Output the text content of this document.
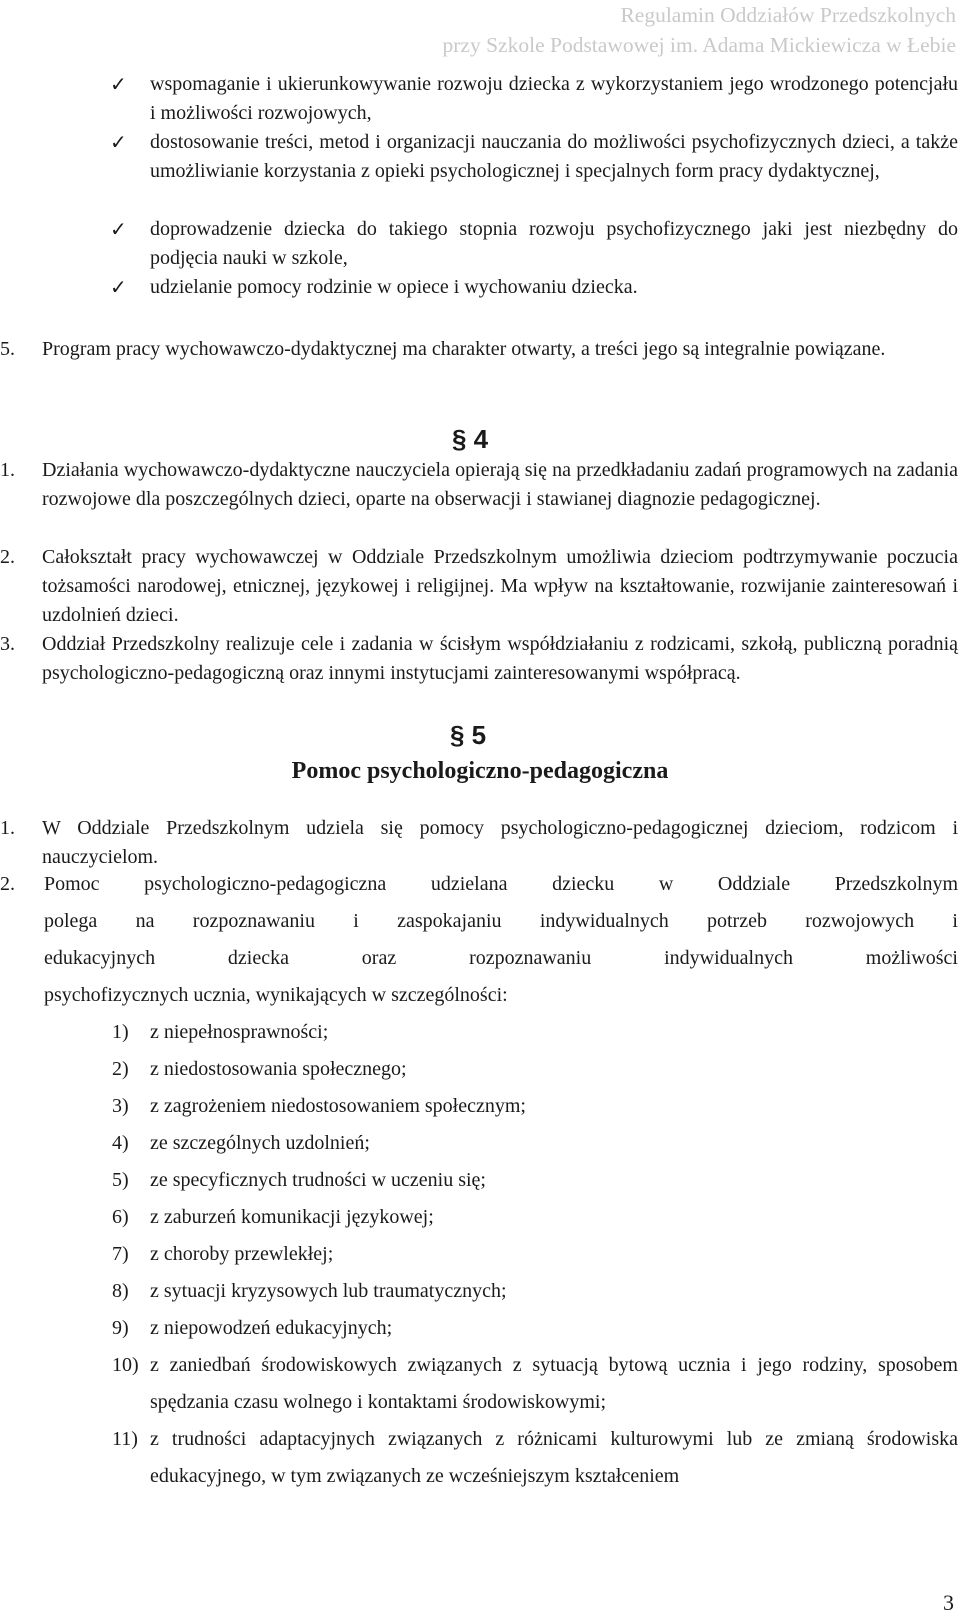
Regulamin Oddziałów Przedszkolnych
przy Szkole Podstawowej im. Adama Mickiewicza w Łebie
✓ wspomaganie i ukierunkowywanie rozwoju dziecka z wykorzystaniem jego wrodzonego potencjału i możliwości rozwojowych,
✓ dostosowanie treści, metod i organizacji nauczania do możliwości psychofizycznych dzieci, a także umożliwianie korzystania z opieki psychologicznej i specjalnych form pracy dydaktycznej,
✓ doprowadzenie dziecka do takiego stopnia rozwoju psychofizycznego jaki jest niezbędny do podjęcia nauki w szkole,
✓ udzielanie pomocy rodzinie w opiece i wychowaniu dziecka.
5.	Program pracy wychowawczo-dydaktycznej ma charakter otwarty, a treści jego są integralnie powiązane.
§ 4
1.	Działania wychowawczo-dydaktyczne nauczyciela opierają się na przedkładaniu zadań programowych na zadania rozwojowe dla poszczególnych dzieci, oparte na obserwacji i stawianej diagnozie pedagogicznej.
2.	Całokształt pracy wychowawczej w Oddziale Przedszkolnym umożliwia dzieciom podtrzymywanie poczucia tożsamości narodowej, etnicznej, językowej i religijnej. Ma wpływ na kształtowanie, rozwijanie zainteresowań i uzdolnień dzieci.
3.	Oddział Przedszkolny realizuje cele i zadania w ścisłym współdziałaniu z rodzicami, szkołą, publiczną poradnią psychologiczno-pedagogiczną oraz innymi instytucjami zainteresowanymi współpracą.
§ 5
Pomoc psychologiczno-pedagogiczna
1.	W Oddziale Przedszkolnym udziela się pomocy psychologiczno-pedagogicznej dzieciom, rodzicom i nauczycielom.
2.	Pomoc psychologiczno-pedagogiczna udzielana dziecku w Oddziale Przedszkolnym
polega na rozpoznawaniu i zaspokajaniu indywidualnych potrzeb rozwojowych i
edukacyjnych dziecka oraz rozpoznawaniu indywidualnych możliwości
psychofizycznych ucznia, wynikających w szczególności:
1) z niepełnosprawności;
2) z niedostosowania społecznego;
3) z zagrożeniem niedostosowaniem społecznym;
4) ze szczególnych uzdolnień;
5) ze specyficznych trudności w uczeniu się;
6) z zaburzeń komunikacji językowej;
7) z choroby przewlekłej;
8) z sytuacji kryzysowych lub traumatycznych;
9) z niepowodzeń edukacyjnych;
10) z zaniedbań środowiskowych związanych z sytuacją bytową ucznia i jego rodziny, sposobem spędzania czasu wolnego i kontaktami środowiskowymi;
11) z trudności adaptacyjnych związanych z różnicami kulturowymi lub ze zmianą środowiska edukacyjnego, w tym związanych ze wcześniejszym kształceniem
3
